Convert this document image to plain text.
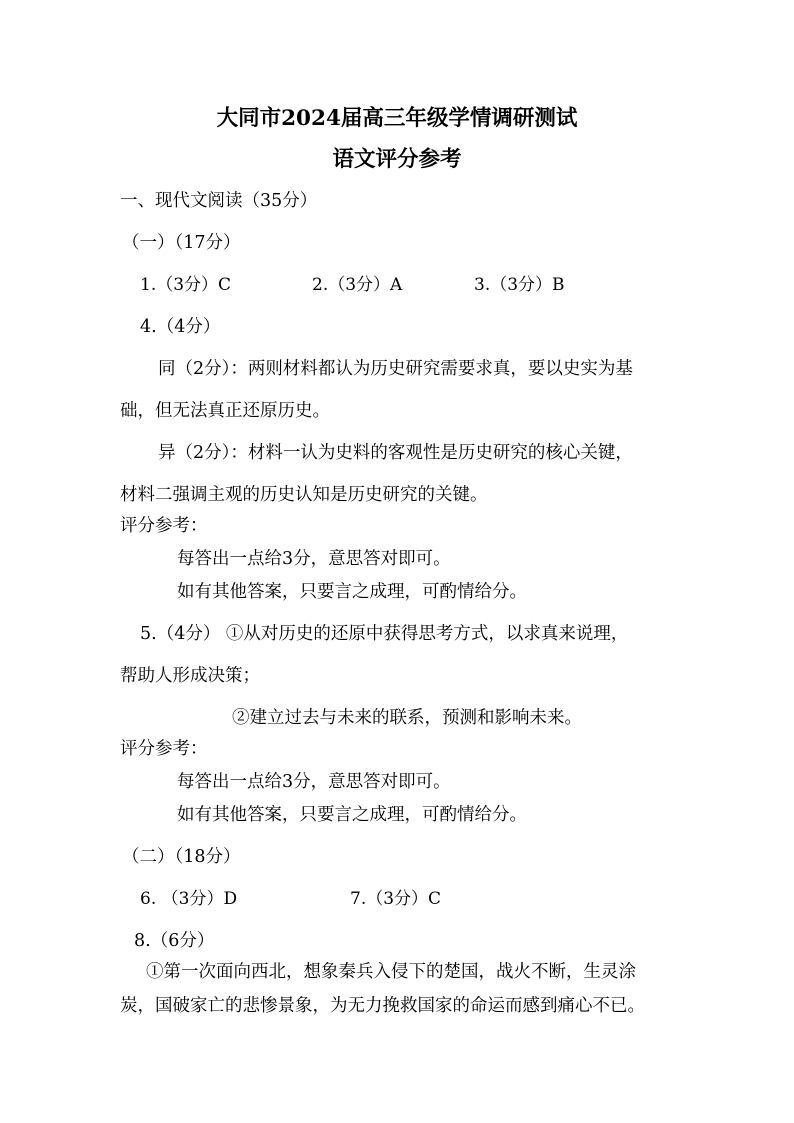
大同市2024届高三年级学情调研测试
语文评分参考
一、现代文阅读（35分）
（一）（17分）
1.（3分）C	2.（3分）A	3.（3分）B
4.（4分）
同（2分）：两则材料都认为历史研究需要求真，要以史实为基
础，但无法真正还原历史。
异（2分）：材料一认为史料的客观性是历史研究的核心关键，
材料二强调主观的历史认知是历史研究的关键。
评分参考：
每答出一点给3分，意思答对即可。
如有其他答案，只要言之成理，可酌情给分。
5.（4分） ①从对历史的还原中获得思考方式，以求真来说理，
帮助人形成决策；
②建立过去与未来的联系，预测和影响未来。
评分参考：
每答出一点给3分，意思答对即可。
如有其他答案，只要言之成理，可酌情给分。
（二）（18分）
6. （3分）D	7.（3分）C
8.（6分）
①第一次面向西北，想象秦兵入侵下的楚国，战火不断，生灵涂
炭，国破家亡的悲惨景象，为无力挽救国家的命运而感到痛心不已。
